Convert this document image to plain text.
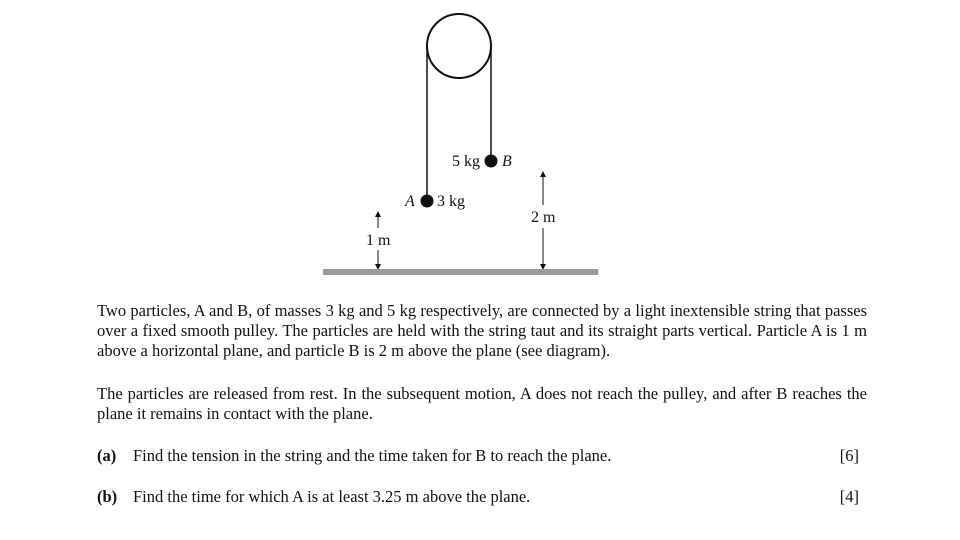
5 kg B
A 3 kg
1 m
2 m

Two particles, A and B, of masses 3 kg and 5 kg respectively, are connected by a light inextensible string that passes over a fixed smooth pulley. The particles are held with the string taut and its straight parts vertical. Particle A is 1 m above a horizontal plane, and particle B is 2 m above the plane (see diagram).

The particles are released from rest. In the subsequent motion, A does not reach the pulley, and after B reaches the plane it remains in contact with the plane.

(a) Find the tension in the string and the time taken for B to reach the plane.	[6]
(b) Find the time for which A is at least 3.25 m above the plane.	[4]
